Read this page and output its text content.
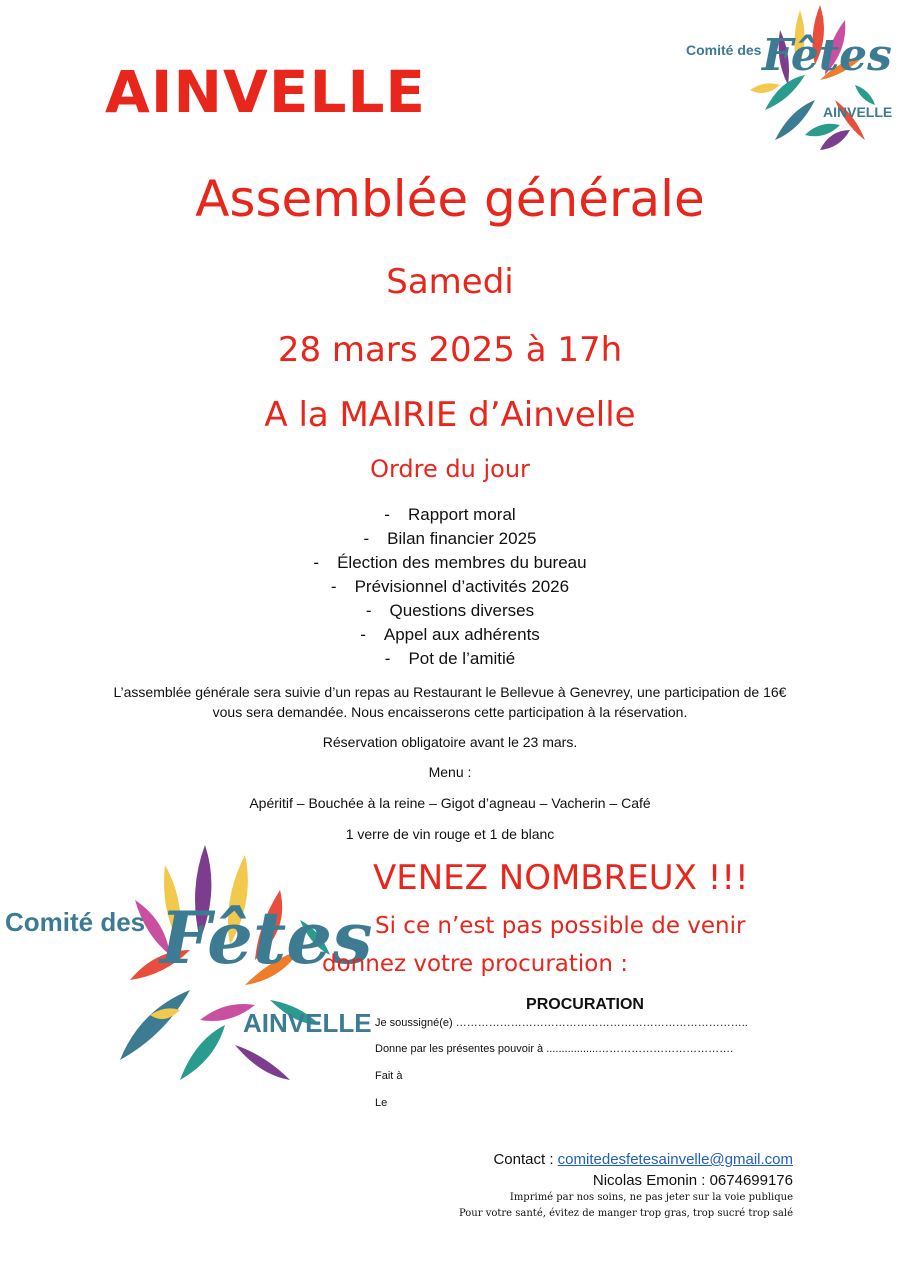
Comité des Fêtes
AINVELLE
AINVELLE
Assemblée générale
Samedi
28 mars 2025 à 17h
A la MAIRIE d’Ainvelle
Ordre du jour
- Rapport moral
- Bilan financier 2025
- Élection des membres du bureau
- Prévisionnel d’activités 2026
- Questions diverses
- Appel aux adhérents
- Pot de l’amitié
L’assemblée générale sera suivie d’un repas au Restaurant le Bellevue à Genevrey, une participation de 16€ vous sera demandée. Nous encaisserons cette participation à la réservation.
Réservation obligatoire avant le 23 mars.
Menu :
Apéritif – Bouchée à la reine – Gigot d’agneau – Vacherin – Café
1 verre de vin rouge et 1 de blanc
Comité des Fêtes
AINVELLE
VENEZ NOMBREUX !!!
Si ce n’est pas possible de venir
donnez votre procuration :
PROCURATION
Je soussigné(e) ……………………………………………………………………..
Donne par les présentes pouvoir à .................……………………………….
Fait à
Le
Contact : comitedesfetesainvelle@gmail.com
Nicolas Emonin : 0674699176
Imprimé par nos soins, ne pas jeter sur la voie publique
Pour votre santé, évitez de manger trop gras, trop sucré trop salé
